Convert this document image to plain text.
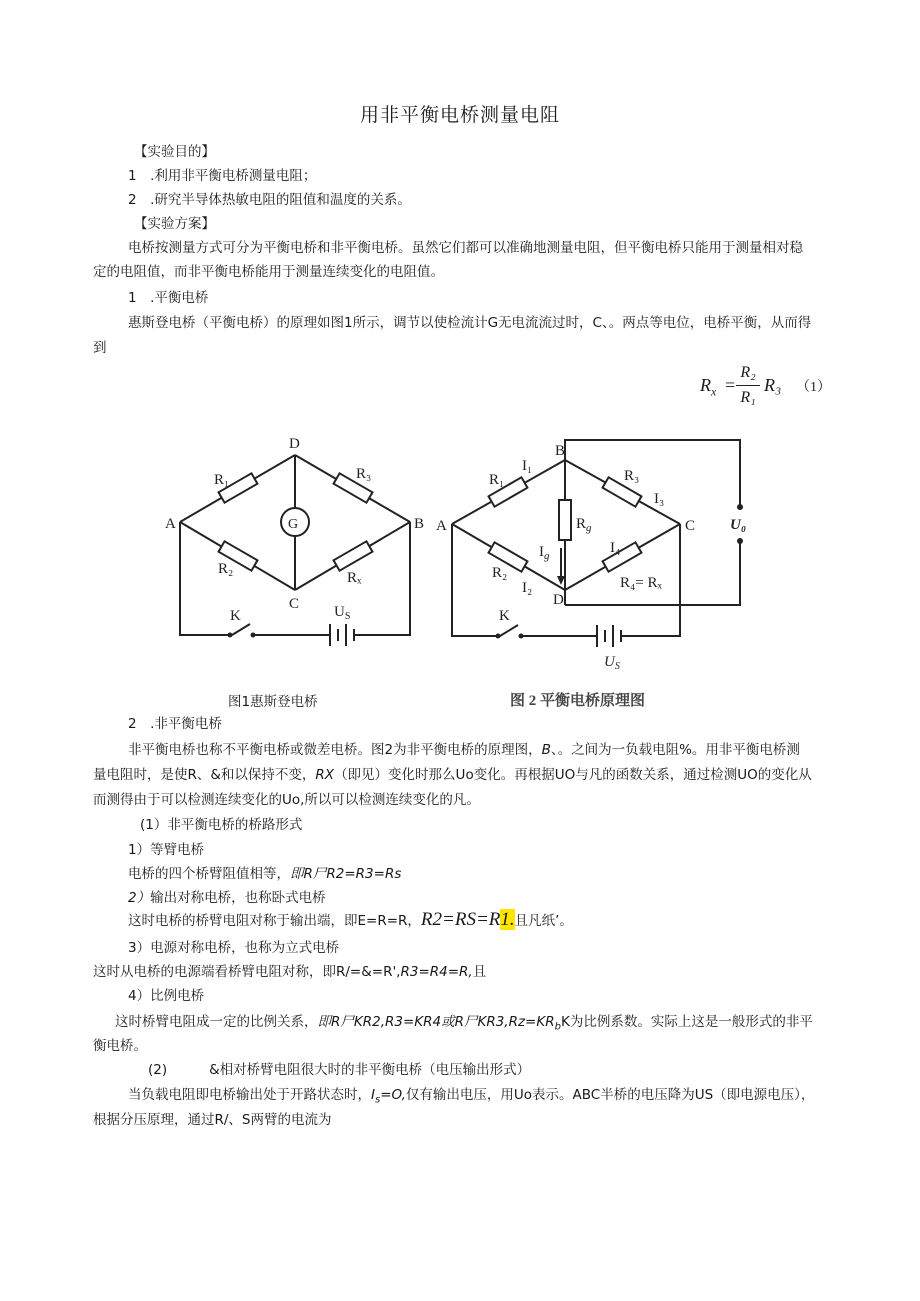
用非平衡电桥测量电阻
【实验目的】
1　.利用非平衡电桥测量电阻；
2　.研究半导体热敏电阻的阻值和温度的关系。
【实验方案】
电桥按测量方式可分为平衡电桥和非平衡电桥。虽然它们都可以准确地测量电阻，但平衡电桥只能用于测量相对稳
定的电阻值，而非平衡电桥能用于测量连续变化的电阻值。
1　.平衡电桥
惠斯登电桥（平衡电桥）的原理如图1所示，调节以使检流计G无电流流过时，C、。两点等电位，电桥平衡，从而得
到
$R_x$ =
R₂
R₁
R₃ （1）
D
A	B
C
G
R₁	R₃
R₂
Rₓ
K	$U_S$
B
A	C
D
I₁
R₁	R₃
I₃
$R_g$
$I_g$	I₄
R₄= Rₓ
R₂
I₂
U₀
K
$U_S$
图1惠斯登电桥	图 2 平衡电桥原理图
2　.非平衡电桥
非平衡电桥也称不平衡电桥或微差电桥。图2为非平衡电桥的原理图，B、。之间为一负载电阻%。用非平衡电桥测
量电阻时，是使R、&和以保持不变，RX（即见）变化时那么Uo变化。再根据UO与凡的函数关系，通过检测UO的变化从
而测得由于可以检测连续变化的Uo,所以可以检测连续变化的凡。
(1）非平衡电桥的桥路形式
1）等臂电桥
电桥的四个桥臂阻值相等，即R尸R2=R3=Rs
2）输出对称电桥，也称卧式电桥
这时电桥的桥臂电阻对称于输出端，即E=R=R，R2=RS=R1.且凡纸’。
3）电源对称电桥，也称为立式电桥
这时从电桥的电源端看桥臂电阻对称，即R/=&=R',R3=R4=R,且
4）比例电桥
这时桥臂电阻成一定的比例关系，即R尸KR2,R3=KR4或R尸$KR3,Rz=KR_bK$为比例系数。实际上这是一般形式的非平
衡电桥。
(2)	&相对桥臂电阻很大时的非平衡电桥（电压输出形式）
当负载电阻即电桥输出处于开路状态时，$I_s=O$,仅有输出电压，用Uo表示。ABC半桥的电压降为US（即电源电压），
根据分压原理，通过R/、S两臂的电流为
